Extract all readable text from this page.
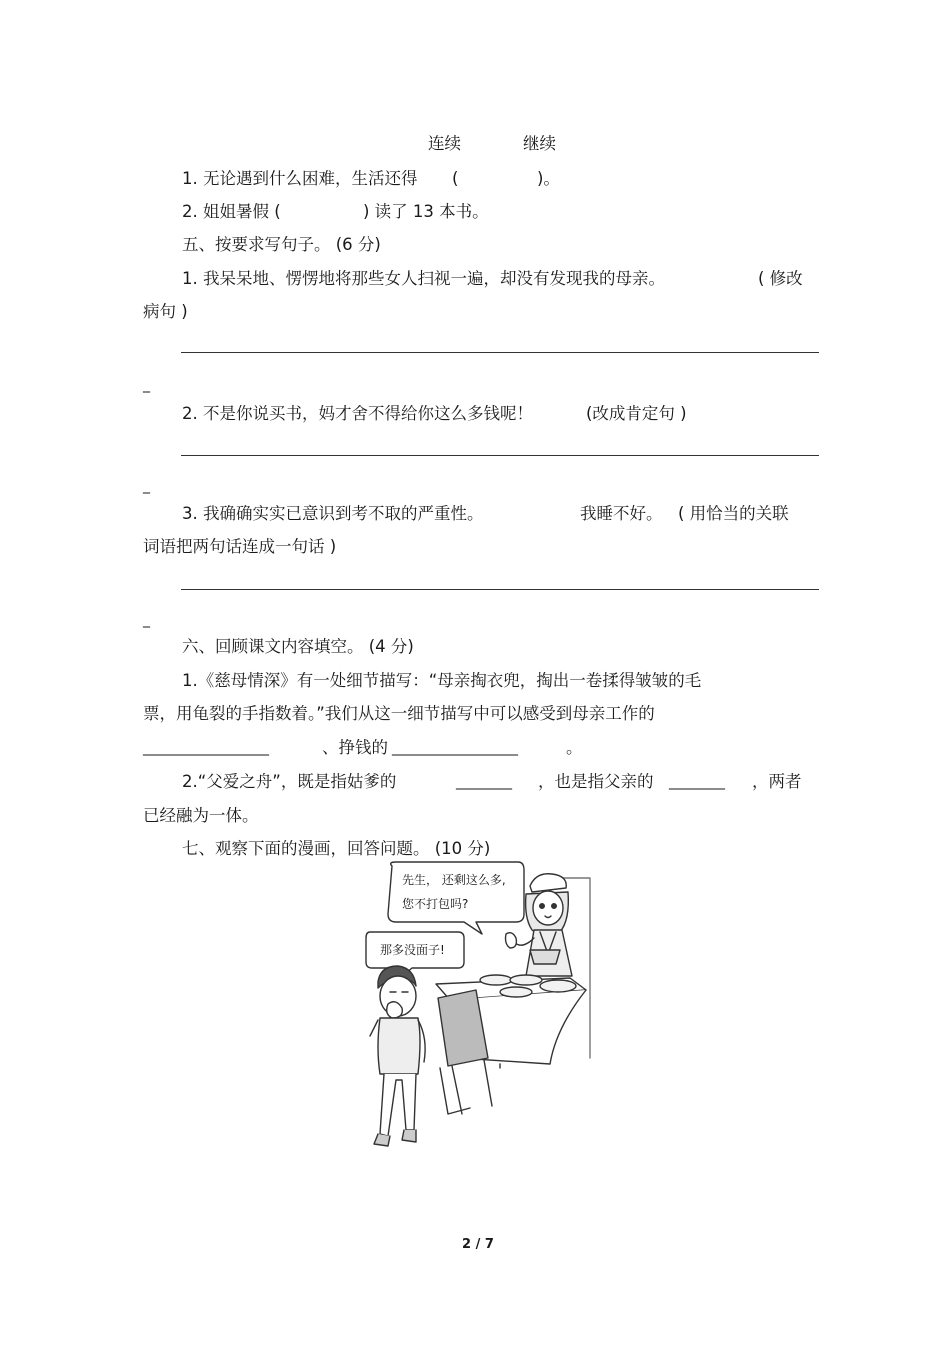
连续	继续
1. 无论遇到什么困难，生活还得 (	)。
2. 姐姐暑假 (	) 读了 13 本书。
五、按要求写句子。 (6 分)
1. 我呆呆地、愣愣地将那些女人扫视一遍，却没有发现我的母亲。	( 修改
病句 )
_
2. 不是你说买书，妈才舍不得给你这么多钱呢！	(改成肯定句 )
_
3. 我确确实实已意识到考不取的严重性。	我睡不好。 ( 用恰当的关联
词语把两句话连成一句话 )
_
六、回顾课文内容填空。 (4 分)
1.《慈母情深》有一处细节描写：“母亲掏衣兜，掏出一卷揉得皱皱的毛
票，用龟裂的手指数着。”我们从这一细节描写中可以感受到母亲工作的
__________________	、挣钱的 __________________	。
2.“父爱之舟”，既是指姑爹的	________ ，也是指父亲的 ________ ，两者
已经融为一体。
七、观察下面的漫画，回答问题。 (10 分)
先生， 还剩这么多,
您不打包吗?
那多没面子!
2 / 7
